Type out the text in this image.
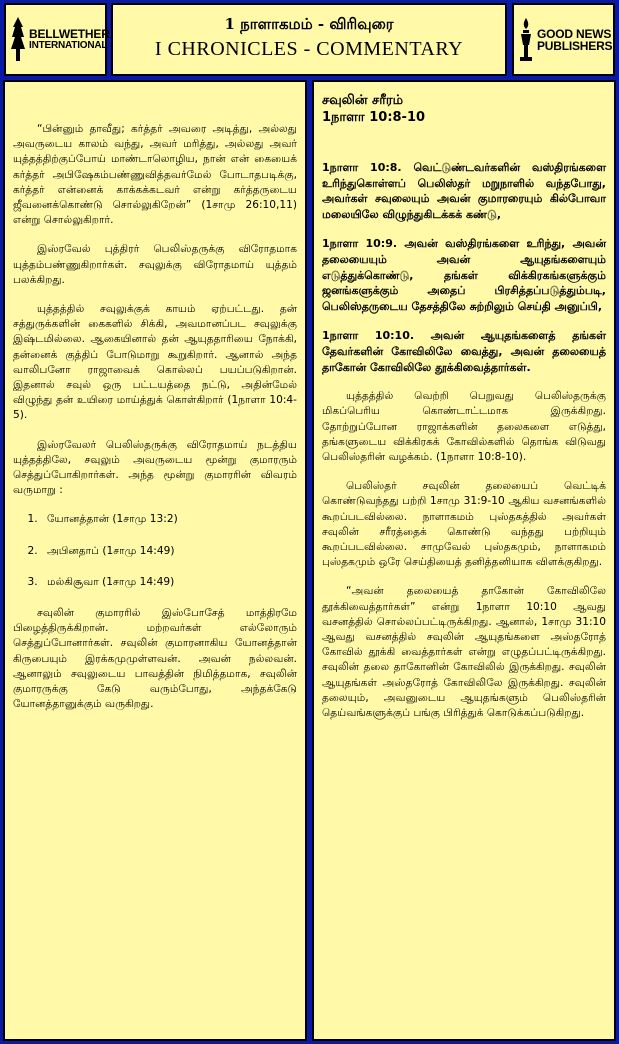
BELLWETHER
INTERNATIONAL
1 நாளாகமம் - விரிவுரை
I CHRONICLES - COMMENTARY
GOOD NEWS
PUBLISHERS

“பின்னும் தாவீது; கர்த்தர் அவரை அடித்து, அல்லது அவருடைய காலம் வந்து, அவர் மரித்து, அல்லது அவர் யுத்தத்திற்குப்போய் மாண்டாலொழிய, நான் என் கையைக் கர்த்தர் அபிஷேகம்பண்ணுவித்தவர்மேல் போடாதபடிக்கு, கர்த்தர் என்னைக் காக்கக்கடவர் என்று கர்த்தருடைய ஜீவனைக்கொண்டு சொல்லுகிறேன்” (1சாமு 26:10,11) என்று சொல்லுகிறார்.

இஸ்ரவேல் புத்திரர் பெலிஸ்தருக்கு விரோதமாக யுத்தம்பண்ணுகிறார்கள். சவுலுக்கு விரோதமாய் யுத்தம் பலக்கிறது.

யுத்தத்தில் சவுலுக்குக் காயம் ஏற்பட்டது. தன் சத்துருக்களின் கைகளில் சிக்கி, அவமானப்பட சவுலுக்கு இஷ்டமில்லை. ஆகையினால் தன் ஆயுததாரியை நோக்கி, தன்னைக் குத்திப் போடுமாறு கூறுகிறார். ஆனால் அந்த வாலிபனோ ராஜாவைக் கொல்லப் பயப்படுகிறான். இதனால் சவுல் ஒரு பட்டயத்தை நட்டு, அதின்மேல் விழுந்து தன் உயிரை மாய்த்துக் கொள்கிறார் (1நாளா 10:4-5).

இஸ்ரவேலர் பெலிஸ்தருக்கு விரோதமாய் நடத்திய யுத்தத்திலே, சவுலும் அவருடைய மூன்று குமாரரும் செத்துப்போகிறார்கள். அந்த மூன்று குமாரரின் விவரம் வருமாறு :

1. யோனத்தான் (1சாமு 13:2)
2. அபினதாப் (1சாமு 14:49)
3. மல்கிசூவா (1சாமு 14:49)

சவுலின் குமாரரில் இஸ்போசேத் மாத்திரமே பிழைத்திருக்கிறான். மற்றவர்கள் எல்லோரும் செத்துப்போனார்கள். சவுலின் குமாரனாகிய யோனத்தான் கிருபையும் இரக்கமுமுள்ளவன். அவன் நல்லவன். ஆனாலும் சவுலுடைய பாவத்தின் நிமித்தமாக, சவுலின் குமாரருக்கு கேடு வரும்போது, அந்தக்கேடு யோனத்தானுக்கும் வருகிறது.

சவுலின் சரீரம்
1நாளா 10:8-10

1நாளா 10:8. வெட்டுண்டவர்களின் வஸ்திரங்களை உரிந்துகொள்ளப் பெலிஸ்தர் மறுநாளில் வந்தபோது, அவர்கள் சவுலையும் அவன் குமாரரையும் கில்போவா மலையிலே விழுந்துகிடக்கக் கண்டு,

1நாளா 10:9. அவன் வஸ்திரங்களை உரிந்து, அவன் தலையையும் அவன் ஆயுதங்களையும் எடுத்துக்கொண்டு, தங்கள் விக்கிரகங்களுக்கும் ஜனங்களுக்கும் அதைப் பிரசித்தப்படுத்தும்படி, பெலிஸ்தருடைய தேசத்திலே சுற்றிலும் செய்தி அனுப்பி,

1நாளா 10:10. அவன் ஆயுதங்களைத் தங்கள் தேவர்களின் கோவிலிலே வைத்து, அவன் தலையைத் தாகோன் கோவிலிலே தூக்கிவைத்தார்கள்.

யுத்தத்தில் வெற்றி பெறுவது பெலிஸ்தருக்கு மிகப்பெரிய கொண்டாட்டமாக இருக்கிறது. தோற்றுப்போன ராஜாக்களின் தலைகளை எடுத்து, தங்களுடைய விக்கிரகக் கோவில்களில் தொங்க விடுவது பெலிஸ்தரின் வழக்கம். (1நாளா 10:8-10).

பெலிஸ்தர் சவுலின் தலையைப் வெட்டிக் கொண்டுவந்தது பற்றி 1சாமு 31:9-10 ஆகிய வசனங்களில் கூறப்படவில்லை. நாளாகமம் புஸ்தகத்தில் அவர்கள் சவுலின் சரீரத்தைக் கொண்டு வந்தது பற்றியும் கூறப்படவில்லை. சாமுவேல் புஸ்தகமும், நாளாகமம் புஸ்தகமும் ஒரே செய்தியைத் தனித்தனியாக விளக்குகிறது.

“அவன் தலையைத் தாகோன் கோவிலிலே தூக்கிவைத்தார்கள்” என்று 1நாளா 10:10 ஆவது வசனத்தில் சொல்லப்பட்டிருக்கிறது. ஆனால், 1சாமு 31:10 ஆவது வசனத்தில் சவுலின் ஆயுதங்களை அஸ்தரோத் கோவில் தூக்கி வைத்தார்கள் என்று எழுதப்பட்டிருக்கிறது. சவுலின் தலை தாகோனின் கோவிலில் இருக்கிறது. சவுலின் ஆயுதங்கள் அஸ்தரோத் கோவிலிலே இருக்கிறது. சவுலின் தலையும், அவனுடைய ஆயுதங்களும் பெலிஸ்தரின் தெய்வங்களுக்குப் பங்கு பிரித்துக் கொடுக்கப்படுகிறது.
